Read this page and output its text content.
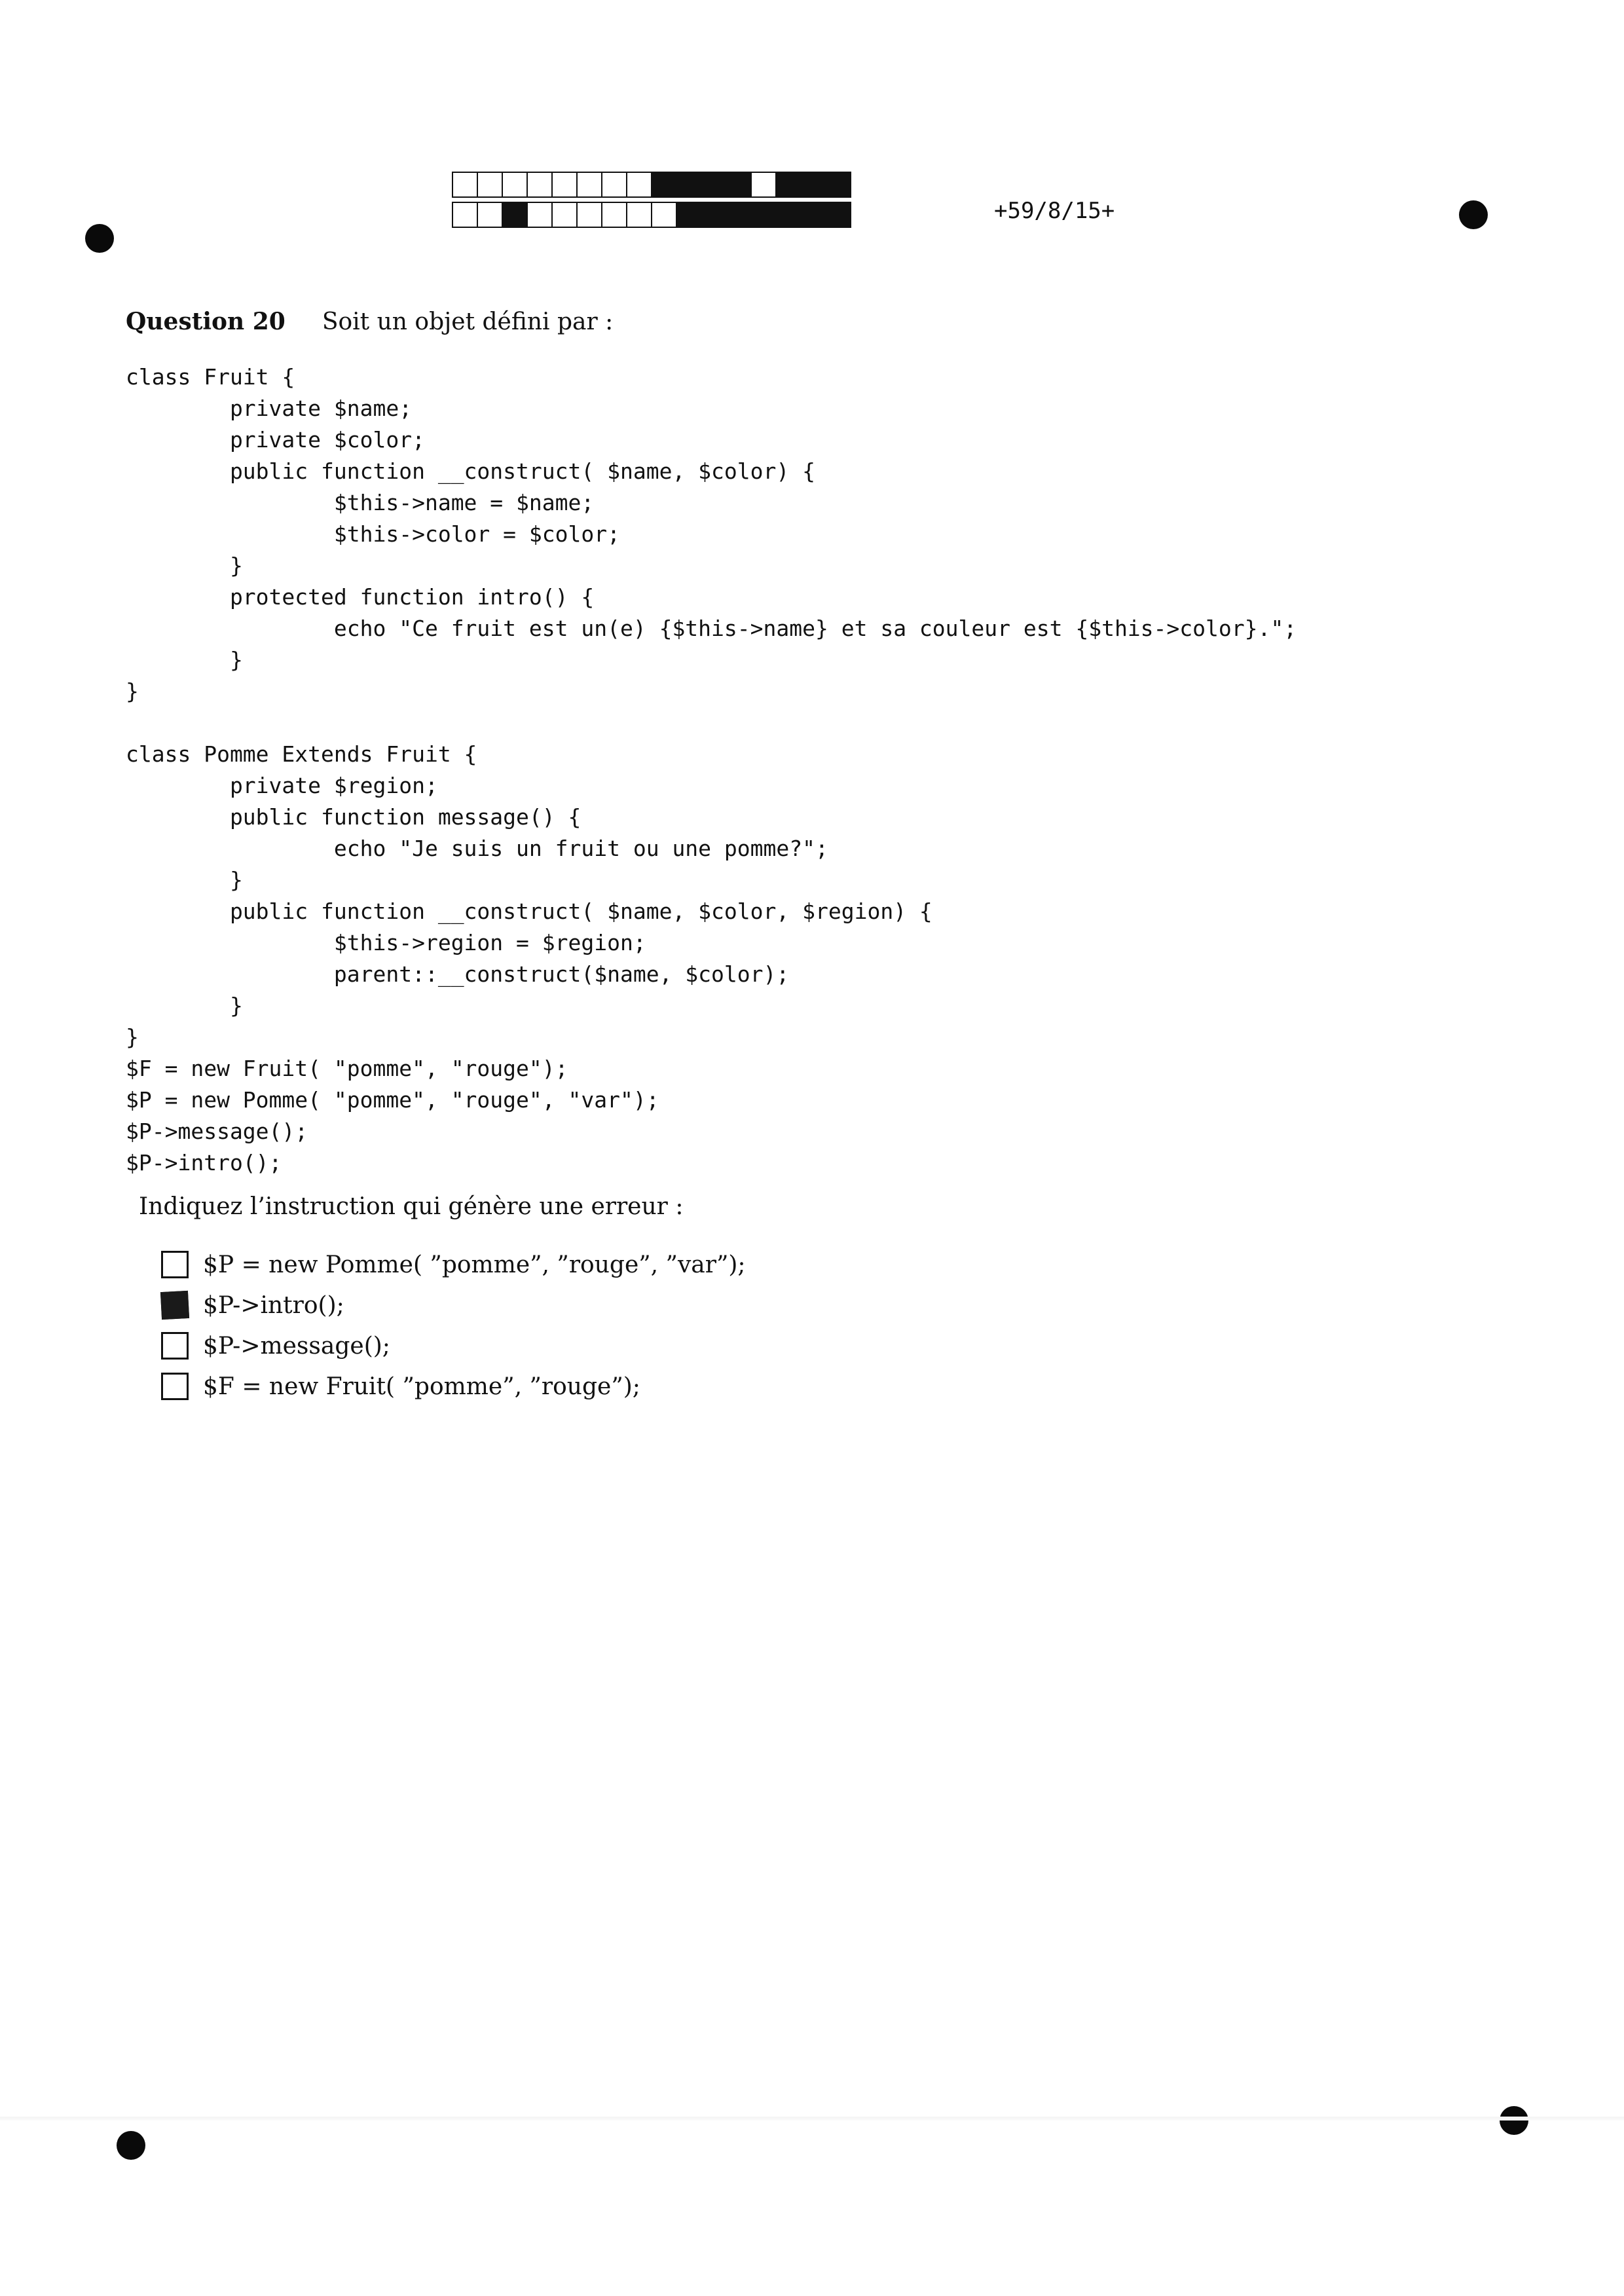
+59/8/15+
Question 20 Soit un objet défini par :
class Fruit {
private $name;
private $color;
public function __construct( $name, $color) {
$this->name = $name;
$this->color = $color;
}
protected function intro() {
echo "Ce fruit est un(e) {$this->name} et sa couleur est {$this->color}.";
}
}

class Pomme Extends Fruit {
private $region;
public function message() {
echo "Je suis un fruit ou une pomme?";
}
public function __construct( $name, $color, $region) {
$this->region = $region;
parent::__construct($name, $color);
}
}
$F = new Fruit( "pomme", "rouge");
$P = new Pomme( "pomme", "rouge", "var");
$P->message();
$P->intro();
Indiquez l’instruction qui génère une erreur :
$P = new Pomme( ”pomme”, ”rouge”, ”var”);
$P->intro();
$P->message();
$F = new Fruit( ”pomme”, ”rouge”);
